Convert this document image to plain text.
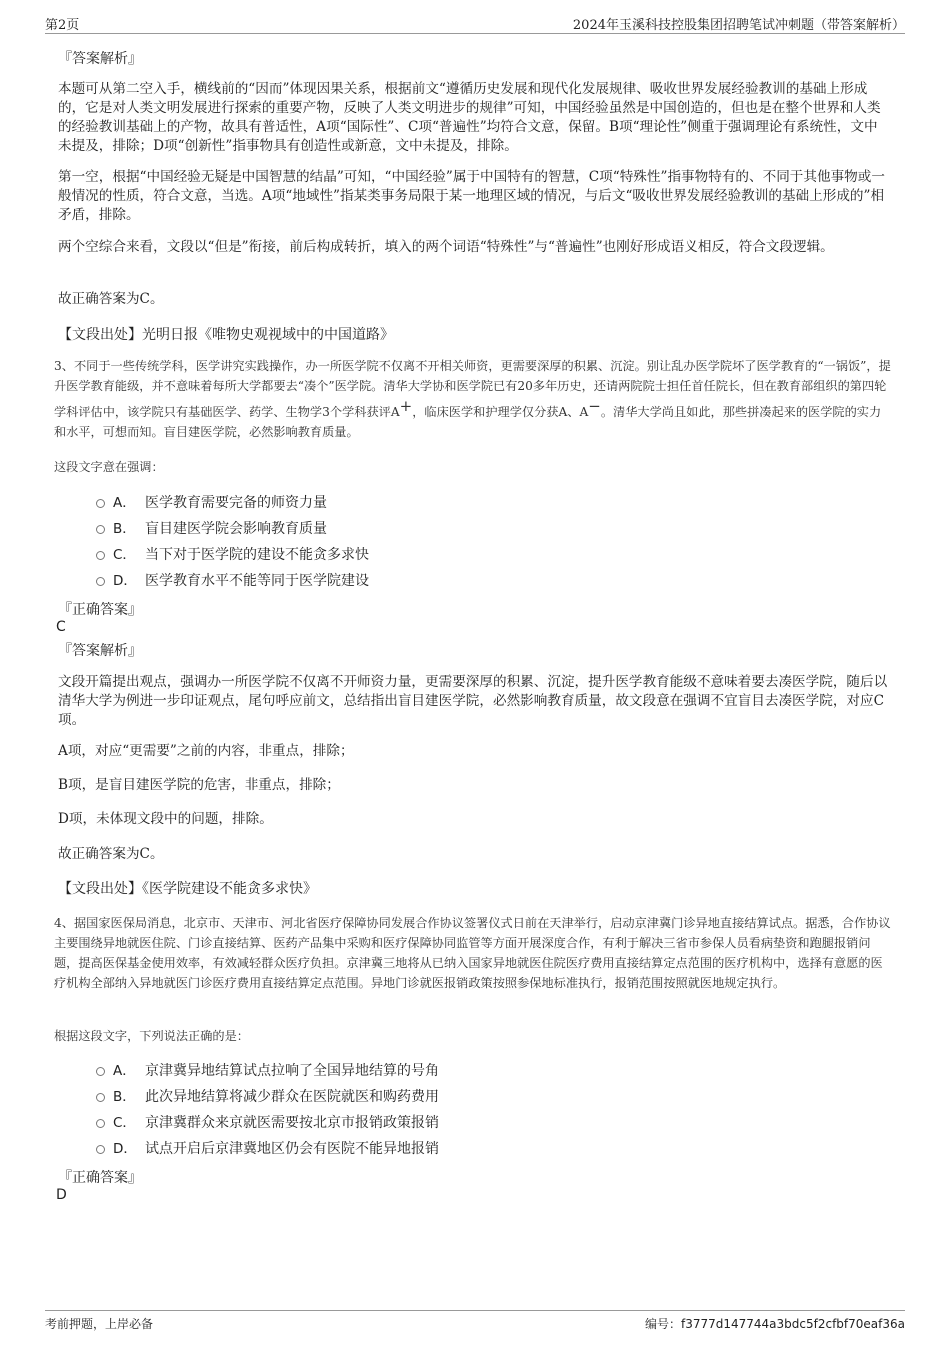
第2页	2024年玉溪科技控股集团招聘笔试冲刺题（带答案解析）
『答案解析』
本题可从第二空入手，横线前的“因而”体现因果关系，根据前文“遵循历史发展和现代化发展规律、吸收世界发展经验教训的基础上形成的，它是对人类文明发展进行探索的重要产物，反映了人类文明进步的规律”可知，中国经验虽然是中国创造的，但也是在整个世界和人类的经验教训基础上的产物，故具有普适性，A项“国际性”、C项“普遍性”均符合文意，保留。B项“理论性”侧重于强调理论有系统性，文中未提及，排除；D项“创新性”指事物具有创造性或新意，文中未提及，排除。
第一空，根据“中国经验无疑是中国智慧的结晶”可知，“中国经验”属于中国特有的智慧，C项“特殊性”指事物特有的、不同于其他事物或一般情况的性质，符合文意，当选。A项“地域性”指某类事务局限于某一地理区域的情况，与后文“吸收世界发展经验教训的基础上形成的”相矛盾，排除。
两个空综合来看，文段以“但是”衔接，前后构成转折，填入的两个词语“特殊性”与“普遍性”也刚好形成语义相反，符合文段逻辑。
故正确答案为C。
【文段出处】光明日报《唯物史观视域中的中国道路》
3、不同于一些传统学科，医学讲究实践操作，办一所医学院不仅离不开相关师资，更需要深厚的积累、沉淀。别让乱办医学院坏了医学教育的“一锅饭”，提升医学教育能级，并不意味着每所大学都要去“凑个”医学院。清华大学协和医学院已有20多年历史，还请两院院士担任首任院长，但在教育部组织的第四轮学科评估中，该学院只有基础医学、药学、生物学3个学科获评A+，临床医学和护理学仅分获A、A−。清华大学尚且如此，那些拼凑起来的医学院的实力和水平，可想而知。盲目建医学院，必然影响教育质量。
这段文字意在强调：
A． 医学教育需要完备的师资力量
B． 盲目建医学院会影响教育质量
C． 当下对于医学院的建设不能贪多求快
D． 医学教育水平不能等同于医学院建设
『正确答案』
C
『答案解析』
文段开篇提出观点，强调办一所医学院不仅离不开师资力量，更需要深厚的积累、沉淀，提升医学教育能级不意味着要去凑医学院，随后以清华大学为例进一步印证观点，尾句呼应前文，总结指出盲目建医学院，必然影响教育质量，故文段意在强调不宜盲目去凑医学院，对应C项。
A项，对应“更需要”之前的内容，非重点，排除；
B项，是盲目建医学院的危害，非重点，排除；
D项，未体现文段中的问题，排除。
故正确答案为C。
【文段出处】《医学院建设不能贪多求快》
4、据国家医保局消息，北京市、天津市、河北省医疗保障协同发展合作协议签署仪式日前在天津举行，启动京津冀门诊异地直接结算试点。据悉，合作协议主要围绕异地就医住院、门诊直接结算、医药产品集中采购和医疗保障协同监管等方面开展深度合作，有利于解决三省市参保人员看病垫资和跑腿报销问题，提高医保基金使用效率，有效减轻群众医疗负担。京津冀三地将从已纳入国家异地就医住院医疗费用直接结算定点范围的医疗机构中，选择有意愿的医疗机构全部纳入异地就医门诊医疗费用直接结算定点范围。异地门诊就医报销政策按照参保地标准执行，报销范围按照就医地规定执行。
根据这段文字，下列说法正确的是：
A． 京津冀异地结算试点拉响了全国异地结算的号角
B． 此次异地结算将减少群众在医院就医和购药费用
C． 京津冀群众来京就医需要按北京市报销政策报销
D． 试点开启后京津冀地区仍会有医院不能异地报销
『正确答案』
D
考前押题，上岸必备	编号：f3777d147744a3bdc5f2cfbf70eaf36a
